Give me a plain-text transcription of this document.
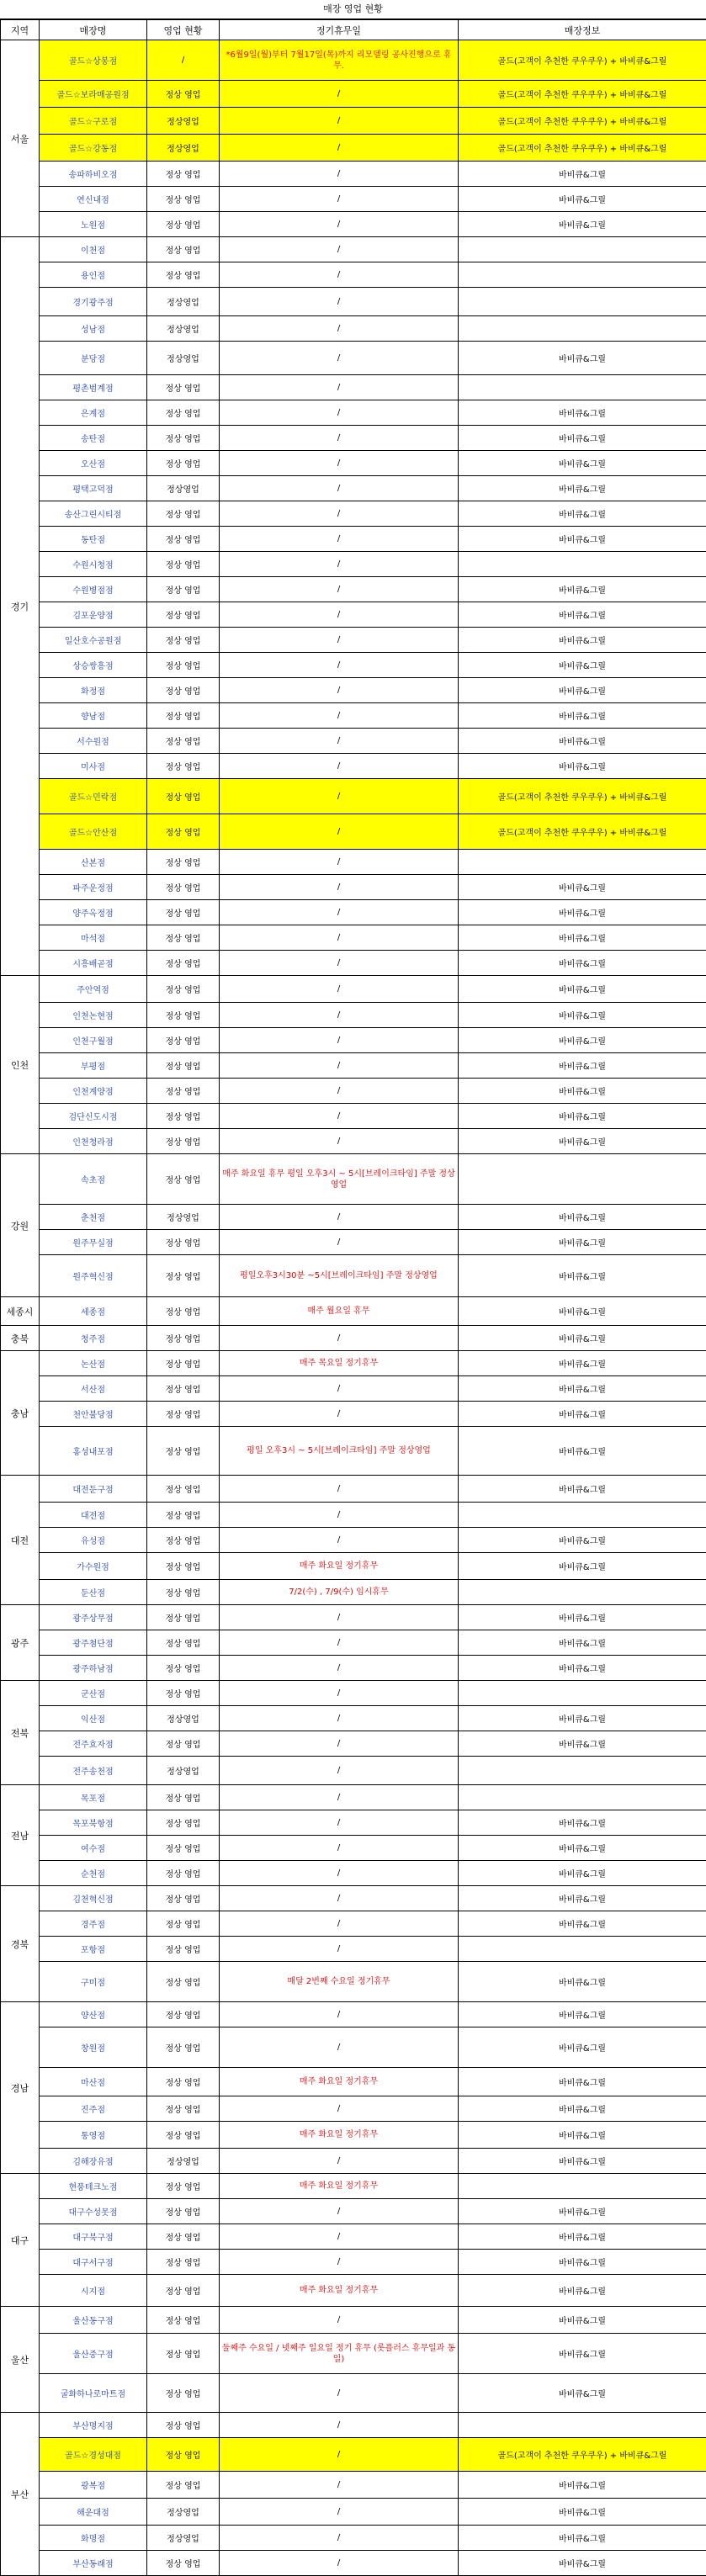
매장 영업 현황
지역	매장명	영업 현황	정기휴무일	매장정보
서울	골드☆상봉점	/	*6월9일(월)부터 7월17일(목)까지 리모델링 공사진행으로 휴무.	골드(고객이 추천한 쿠우쿠우) + 바비큐&그릴
	골드☆보라매공원점	정상 영업	/	골드(고객이 추천한 쿠우쿠우) + 바비큐&그릴
	골드☆구로점	정상영업	/	골드(고객이 추천한 쿠우쿠우) + 바비큐&그릴
	골드☆강동점	정상영업	/	골드(고객이 추천한 쿠우쿠우) + 바비큐&그릴
	송파하비오점	정상 영업	/	바비큐&그릴
	연신내점	정상 영업	/	바비큐&그릴
	노원점	정상 영업	/	바비큐&그릴
경기	이천점	정상 영업	/	
	용인점	정상 영업	/	
	경기광주점	정상영업	/	
	성남점	정상영업	/	
	분당점	정상영업	/	바비큐&그릴
	평촌범계점	정상 영업	/	
	은계점	정상 영업	/	바비큐&그릴
	송탄점	정상 영업	/	바비큐&그릴
	오산점	정상 영업	/	바비큐&그릴
	평택고덕점	정상영업	/	바비큐&그릴
	송산그린시티점	정상 영업	/	바비큐&그릴
	동탄점	정상 영업	/	바비큐&그릴
	수원시청점	정상 영업	/	
	수원병점점	정상 영업	/	바비큐&그릴
	김포운양점	정상 영업	/	바비큐&그릴
	일산호수공원점	정상 영업	/	바비큐&그릴
	상승쌍흥점	정상 영업	/	바비큐&그릴
	화정점	정상 영업	/	바비큐&그릴
	향남점	정상 영업	/	바비큐&그릴
	서수원점	정상 영업	/	바비큐&그릴
	미사점	정상 영업	/	바비큐&그릴
	골드☆민락점	정상 영업	/	골드(고객이 추천한 쿠우쿠우) + 바비큐&그릴
	골드☆안산점	정상 영업	/	골드(고객이 추천한 쿠우쿠우) + 바비큐&그릴
	산본점	정상 영업	/	
	파주운정점	정상 영업	/	바비큐&그릴
	양주옥정점	정상 영업	/	바비큐&그릴
	마석점	정상 영업	/	바비큐&그릴
	시흥배곧점	정상 영업	/	바비큐&그릴
인천	주안역점	정상 영업	/	바비큐&그릴
	인천논현점	정상 영업	/	바비큐&그릴
	인천구월점	정상 영업	/	바비큐&그릴
	부평점	정상 영업	/	바비큐&그릴
	인천계양점	정상 영업	/	바비큐&그릴
	검단신도시점	정상 영업	/	바비큐&그릴
	인천청라점	정상 영업	/	바비큐&그릴
강원	속초점	정상 영업	매주 화요일 휴무 평일 오후3시 ~ 5시[브레이크타임] 주말 정상영업	
	춘천점	정상영업	/	바비큐&그릴
	원주무실점	정상 영업	/	바비큐&그릴
	원주혁신점	정상 영업	평일오후3시30분 ~5시[브레이크타임] 주말 정상영업	바비큐&그릴
세종시	세종점	정상 영업	매주 월요일 휴무	바비큐&그릴
충북	청주점	정상 영업	/	바비큐&그릴
충남	논산점	정상 영업	매주 목요일 정기휴무	바비큐&그릴
	서산점	정상 영업	/	바비큐&그릴
	천안불당점	정상 영업	/	바비큐&그릴
	홍성내포점	정상 영업	평일 오후3시 ~ 5시[브레이크타임] 주말 정상영업	바비큐&그릴
대전	대전둔구점	정상 영업	/	바비큐&그릴
	대전점	정상 영업	/	
	유성점	정상 영업	/	바비큐&그릴
	가수원점	정상 영업	매주 화요일 정기휴무	바비큐&그릴
	둔산점	정상 영업	7/2(수) , 7/9(수) 임시휴무	
광주	광주상무점	정상 영업	/	바비큐&그릴
	광주첨단점	정상 영업	/	바비큐&그릴
	광주하남점	정상 영업	/	바비큐&그릴
전북	군산점	정상 영업	/	
	익산점	정상영업	/	바비큐&그릴
	전주효자점	정상 영업	/	바비큐&그릴
	전주송천점	정상영업	/	
전남	목포점	정상 영업	/	
	목포북항점	정상 영업	/	바비큐&그릴
	여수점	정상 영업	/	바비큐&그릴
	순천점	정상 영업	/	바비큐&그릴
경북	김천혁신점	정상 영업	/	바비큐&그릴
	경주점	정상 영업	/	바비큐&그릴
	포항점	정상 영업	/	
	구미점	정상 영업	매달 2번째 수요일 정기휴무	바비큐&그릴
경남	양산점	정상 영업	/	바비큐&그릴
	창원점	정상 영업	/	바비큐&그릴
	마산점	정상 영업	매주 화요일 정기휴무	바비큐&그릴
	진주점	정상 영업	/	바비큐&그릴
	통영점	정상 영업	매주 화요일 정기휴무	바비큐&그릴
	김해장유점	정상영업	/	바비큐&그릴
대구	현풍테크노점	정상 영업	매주 화요일 정기휴무	
	대구수성못점	정상 영업	/	바비큐&그릴
	대구북구점	정상 영업	/	바비큐&그릴
	대구서구점	정상 영업	/	바비큐&그릴
	시지점	정상 영업	매주 화요일 정기휴무	바비큐&그릴
울산	울산동구점	정상 영업	/	바비큐&그릴
	울산중구점	정상 영업	둘째주 수요일 / 넷째주 일요일 정기 휴무 (롯플러스 휴무일과 동일)	바비큐&그릴
	굴화하나로마트점	정상 영업	/	바비큐&그릴
부산	부산명지점	정상 영업	/	
	골드☆경성대점	정상 영업	/	골드(고객이 추천한 쿠우쿠우) + 바비큐&그릴
	광복점	정상 영업	/	바비큐&그릴
	해운대점	정상영업	/	바비큐&그릴
	화명점	정상영업	/	바비큐&그릴
	부산동래점	정상 영업	/	바비큐&그릴
